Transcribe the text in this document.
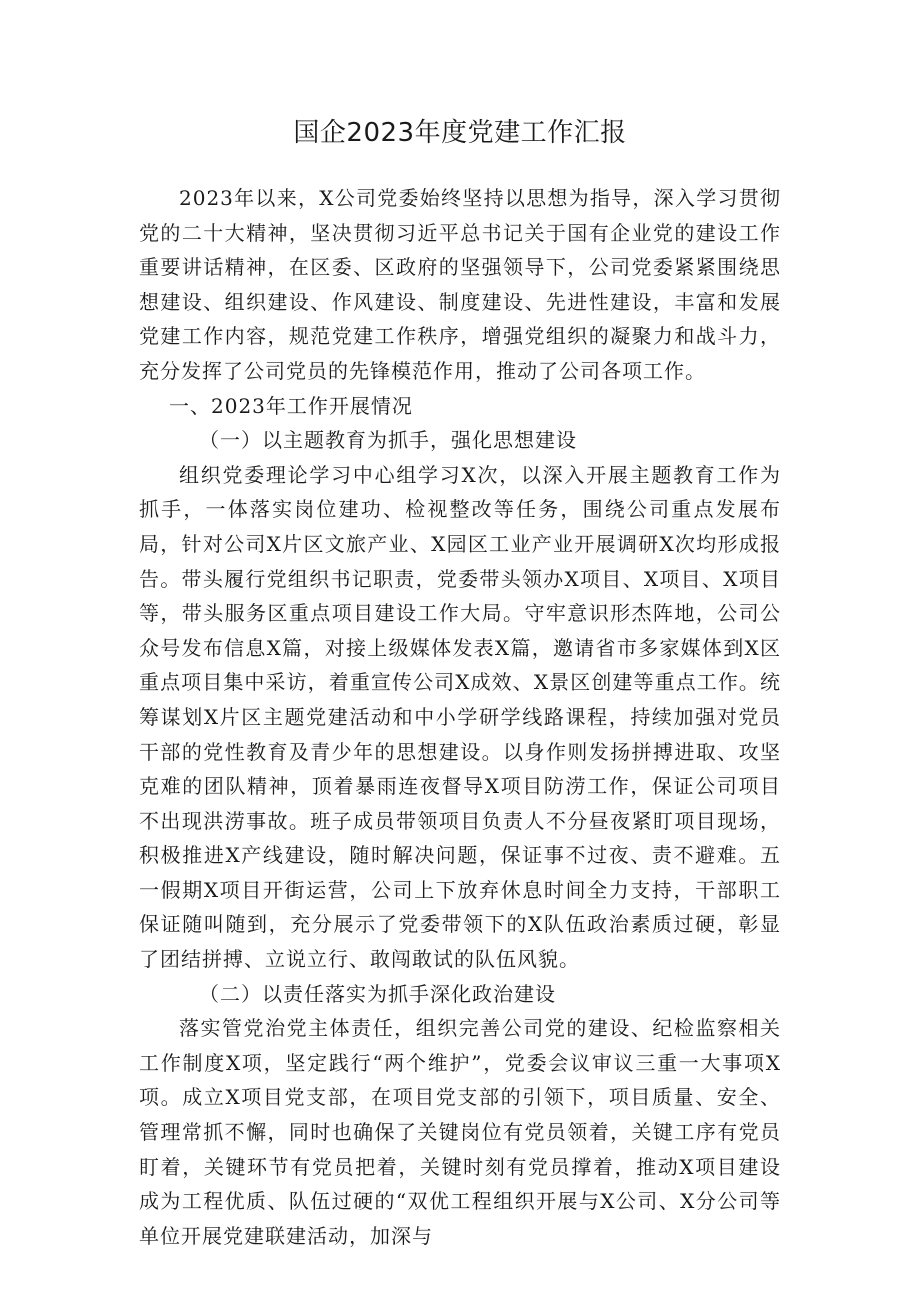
国企2023年度党建工作汇报

2023年以来，X公司党委始终坚持以思想为指导，深入学习贯彻党的二十大精神，坚决贯彻习近平总书记关于国有企业党的建设工作重要讲话精神，在区委、区政府的坚强领导下，公司党委紧紧围绕思想建设、组织建设、作风建设、制度建设、先进性建设，丰富和发展党建工作内容，规范党建工作秩序，增强党组织的凝聚力和战斗力，充分发挥了公司党员的先锋模范作用，推动了公司各项工作。

一、2023年工作开展情况

（一）以主题教育为抓手，强化思想建设

组织党委理论学习中心组学习X次，以深入开展主题教育工作为抓手，一体落实岗位建功、检视整改等任务，围绕公司重点发展布局，针对公司X片区文旅产业、X园区工业产业开展调研X次均形成报告。带头履行党组织书记职责，党委带头领办X项目、X项目、X项目等，带头服务区重点项目建设工作大局。守牢意识形杰阵地，公司公众号发布信息X篇，对接上级媒体发表X篇，邀请省市多家媒体到X区重点项目集中采访，着重宣传公司X成效、X景区创建等重点工作。统筹谋划X片区主题党建活动和中小学研学线路课程，持续加强对党员干部的党性教育及青少年的思想建设。以身作则发扬拼搏进取、攻坚克难的团队精神，顶着暴雨连夜督导X项目防涝工作，保证公司项目不出现洪涝事故。班子成员带领项目负责人不分昼夜紧盯项目现场，积极推进X产线建设，随时解决问题，保证事不过夜、责不避难。五一假期X项目开街运营，公司上下放弃休息时间全力支持，干部职工保证随叫随到，充分展示了党委带领下的X队伍政治素质过硬，彰显了团结拼搏、立说立行、敢闯敢试的队伍风貌。

（二）以责任落实为抓手深化政治建设

落实管党治党主体责任，组织完善公司党的建设、纪检监察相关工作制度X项，坚定践行“两个维护”，党委会议审议三重一大事项X项。成立X项目党支部，在项目党支部的引领下，项目质量、安全、管理常抓不懈，同时也确保了关键岗位有党员领着，关键工序有党员盯着，关键环节有党员把着，关键时刻有党员撑着，推动X项目建设成为工程优质、队伍过硬的“双优工程组织开展与X公司、X分公司等单位开展党建联建活动，加深与
